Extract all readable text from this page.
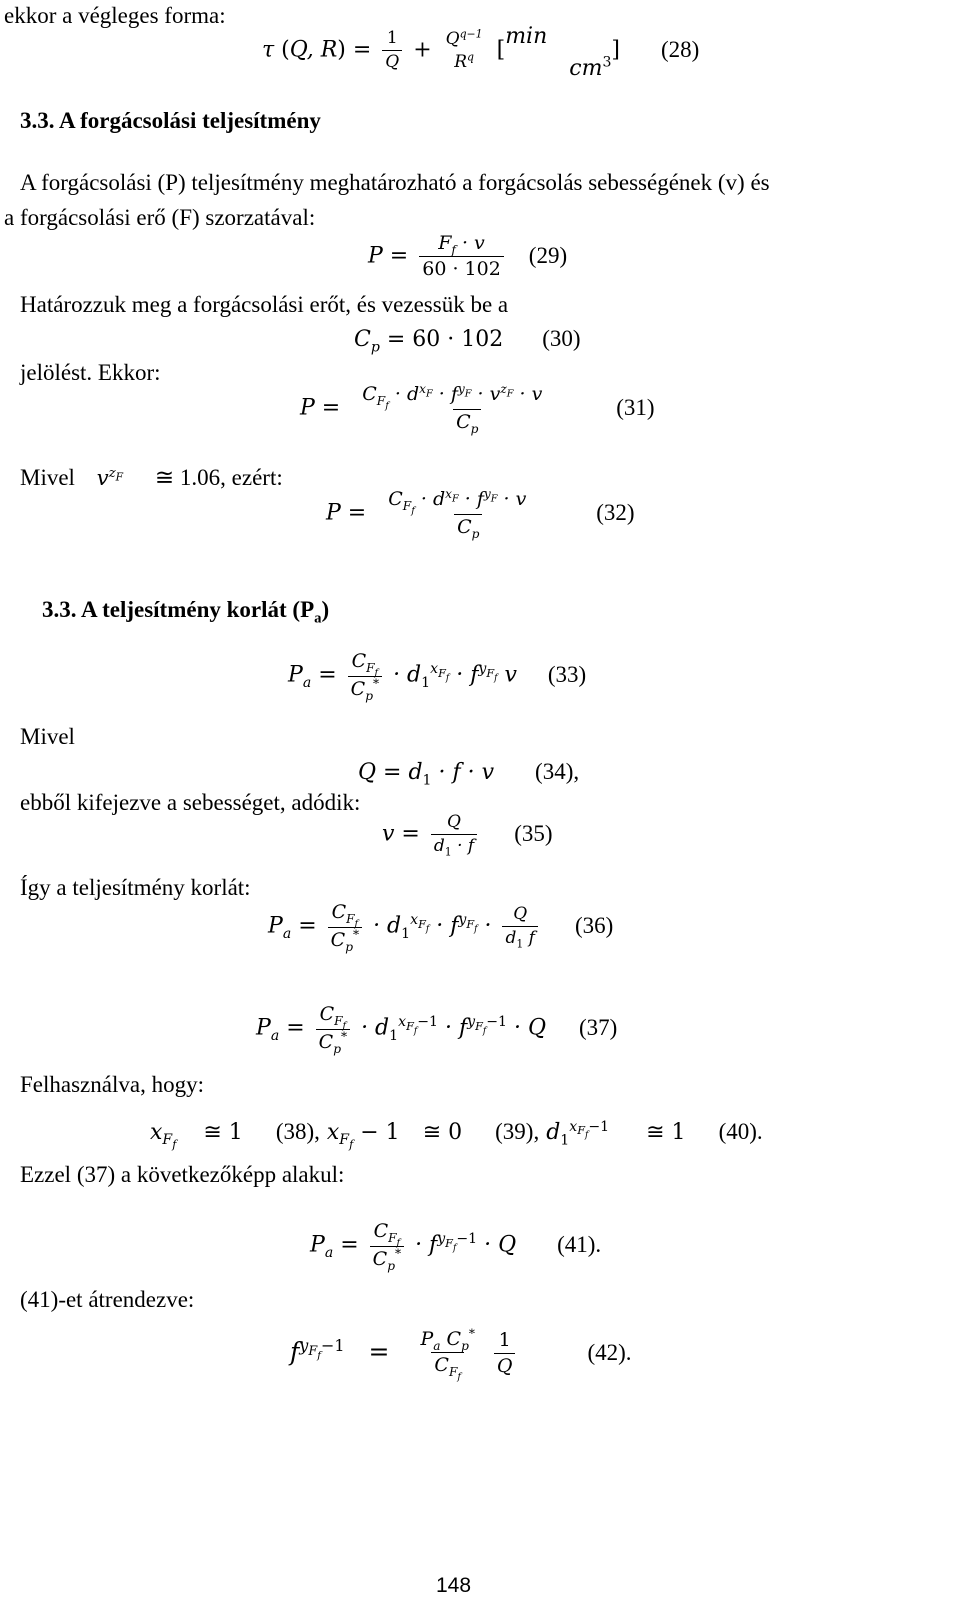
ekkor a végleges forma:
τ (Q, $R) = \frac{1}{Q} + Q^{q-1}$
$R^q$ [mincm$^3$] (28)
3.3. A forgácsolási teljesítmény
A forgácsolási (P) teljesítmény meghatározható a forgácsolás sebességének (v) és
a forgácsolási erő (F) szorzatával:
$P = \frac{F_f \cdot v}{60 \cdot 102} (29)$
Határozzuk meg a forgácsolási erőt, és vezessük be a
$C_p = 60 \cdot 102$ (30)
jelölést. Ekkor:
$P = \frac{C_{F_f} \cdot d^{x_F} \cdot f^{y_F} \cdot v^{z_F} \cdot v}{C_p} (31)$
Mivel $v^{z_F}$ ≅ 1.06, ezért:
$P = \frac{C_{F_f} \cdot d^{x_F} \cdot f^{y_F} \cdot v}{C_p} (32)$
3.3. A teljesítmény korlát $(P_a)$
$P_a = \frac{C_{F_f}}{C_p^*} \cdot d_1^{x_{F_f}} \cdot f^{y_{F_f}}$ v (33)
Mivel
$Q = d_1 \cdot f \cdot v$ (34),
ebből kifejezve a sebességet, adódik:
$v = \frac{Q}{d_1 \cdot f} (35)$
Így a teljesítmény korlát:
$P_a = \frac{C_{F_f}}{C_p^*} \cdot d_1^{x_{F_f}} \cdot f^{y_{F_f}} \cdot \frac{Q}{d_1 f} (36)$
$P_a = \frac{C_{F_f}}{C_p^*} \cdot d_1^{x_{F_f}-1} \cdot f^{y_{F_f}-1} \cdot Q$ (37)
Felhasználva, hogy:
$x_{F_f}$ ≅ 1 (38), $x_{F_f} - 1$ ≅ 0 (39), $d_1^{x_{F_f}-1}$ ≅ 1 (40).
Ezzel (37) a következőképp alakul:
$P_a = \frac{C_{F_f}}{C_p^*} \cdot f^{y_{F_f}-1} \cdot Q$ (41).
(41)-et átrendezve:
$f^{y_{F_f}-1} = \frac{P_a C_p^*}{C_{F_f}}$
$\frac{1}{Q}$	(42).
148
